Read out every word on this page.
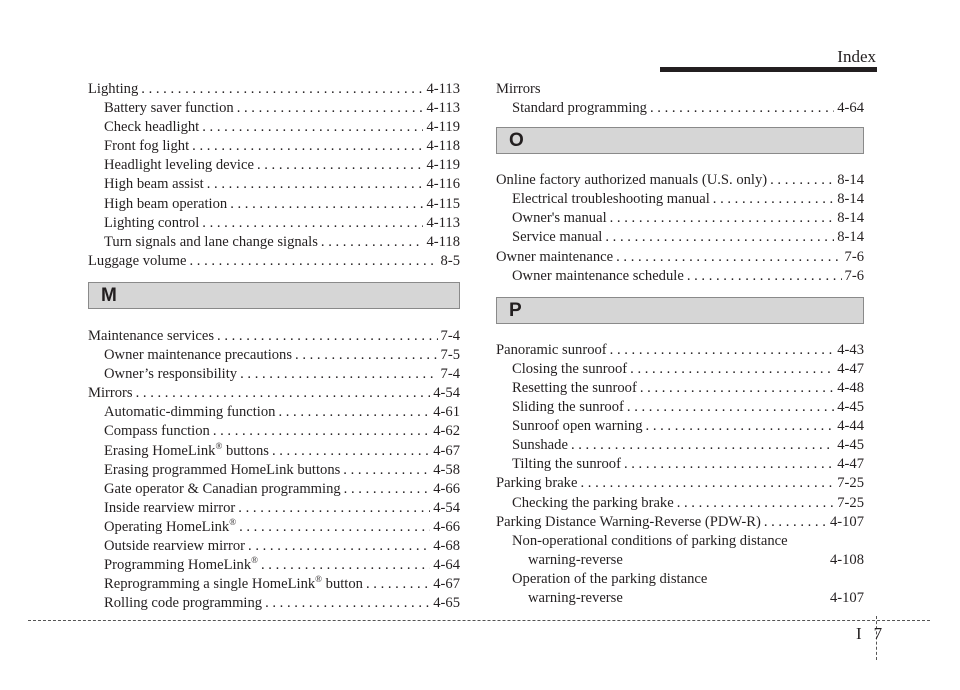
Index
Lighting . . .	4-113
Battery saver function . . .	4-113
Check headlight . . .	4-119
Front fog light . . .	4-118
Headlight leveling device . . .	4-119
High beam assist . . .	4-116
High beam operation . . .	4-115
Lighting control . . .	4-113
Turn signals and lane change signals . . .	4-118
Luggage volume . . .	8-5
M
Maintenance services . . .	7-4
Owner maintenance precautions . . .	7-5
Owner’s responsibility . . .	7-4
Mirrors . . .	4-54
Automatic-dimming function . . .	4-61
Compass function . . .	4-62
Erasing HomeLink® buttons . . .	4-67
Erasing programmed HomeLink buttons . . .	4-58
Gate operator & Canadian programming . . .	4-66
Inside rearview mirror . . .	4-54
Operating HomeLink® . . .	4-66
Outside rearview mirror . . .	4-68
Programming HomeLink® . . .	4-64
Reprogramming a single HomeLink® button . . .	4-67
Rolling code programming . . .	4-65
Mirrors
Standard programming . . .	4-64
O
Online factory authorized manuals (U.S. only) . . .	8-14
Electrical troubleshooting manual . . .	8-14
Owner's manual . . .	8-14
Service manual . . .	8-14
Owner maintenance . . .	7-6
Owner maintenance schedule . . .	7-6
P
Panoramic sunroof . . .	4-43
Closing the sunroof . . .	4-47
Resetting the sunroof . . .	4-48
Sliding the sunroof . . .	4-45
Sunroof open warning . . .	4-44
Sunshade . . .	4-45
Tilting the sunroof . . .	4-47
Parking brake . . .	7-25
Checking the parking brake . . .	7-25
Parking Distance Warning-Reverse (PDW-R) . . .	4-107
Non-operational conditions of parking distance
warning-reverse	4-108
Operation of the parking distance
warning-reverse	4-107
I 7
